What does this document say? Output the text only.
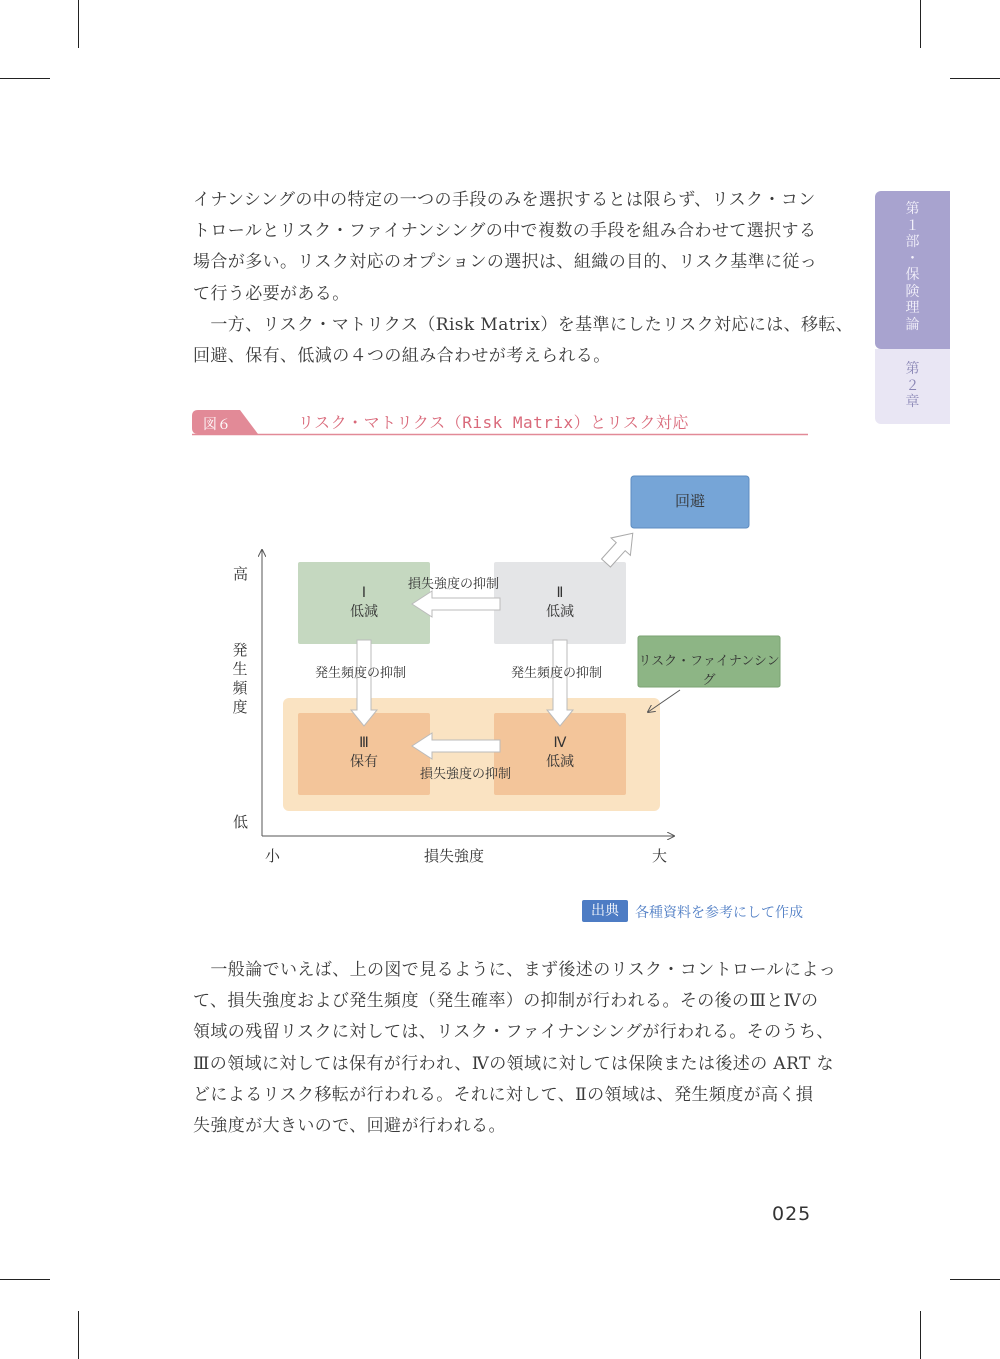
第
１
部
・
保
険
理
論
第
２
章

イナンシングの中の特定の一つの手段のみを選択するとは限らず、リスク・コン
トロールとリスク・ファイナンシングの中で複数の手段を組み合わせて選択する
場合が多い。リスク対応のオプションの選択は、組織の目的、リスク基準に従っ
て行う必要がある。
　一方、リスク・マトリクス（Risk Matrix）を基準にしたリスク対応には、移転、
回避、保有、低減の４つの組み合わせが考えられる。

図６	リスク・マトリクス（Risk Matrix）とリスク対応
回避
Ⅰ
低減
Ⅱ
低減
Ⅲ
保有
Ⅳ
低減
損失強度の抑制
損失強度の抑制
発生頻度の抑制	発生頻度の抑制
リスク・ファイナンシング
高
低
発
生
頻
度
小	損失強度	大
出典	各種資料を参考にして作成

　一般論でいえば、上の図で見るように、まず後述のリスク・コントロールによっ
て、損失強度および発生頻度（発生確率）の抑制が行われる。その後のⅢとⅣの
領域の残留リスクに対しては、リスク・ファイナンシングが行われる。そのうち、
Ⅲの領域に対しては保有が行われ、Ⅳの領域に対しては保険または後述の ART な
どによるリスク移転が行われる。それに対して、Ⅱの領域は、発生頻度が高く損
失強度が大きいので、回避が行われる。

025
